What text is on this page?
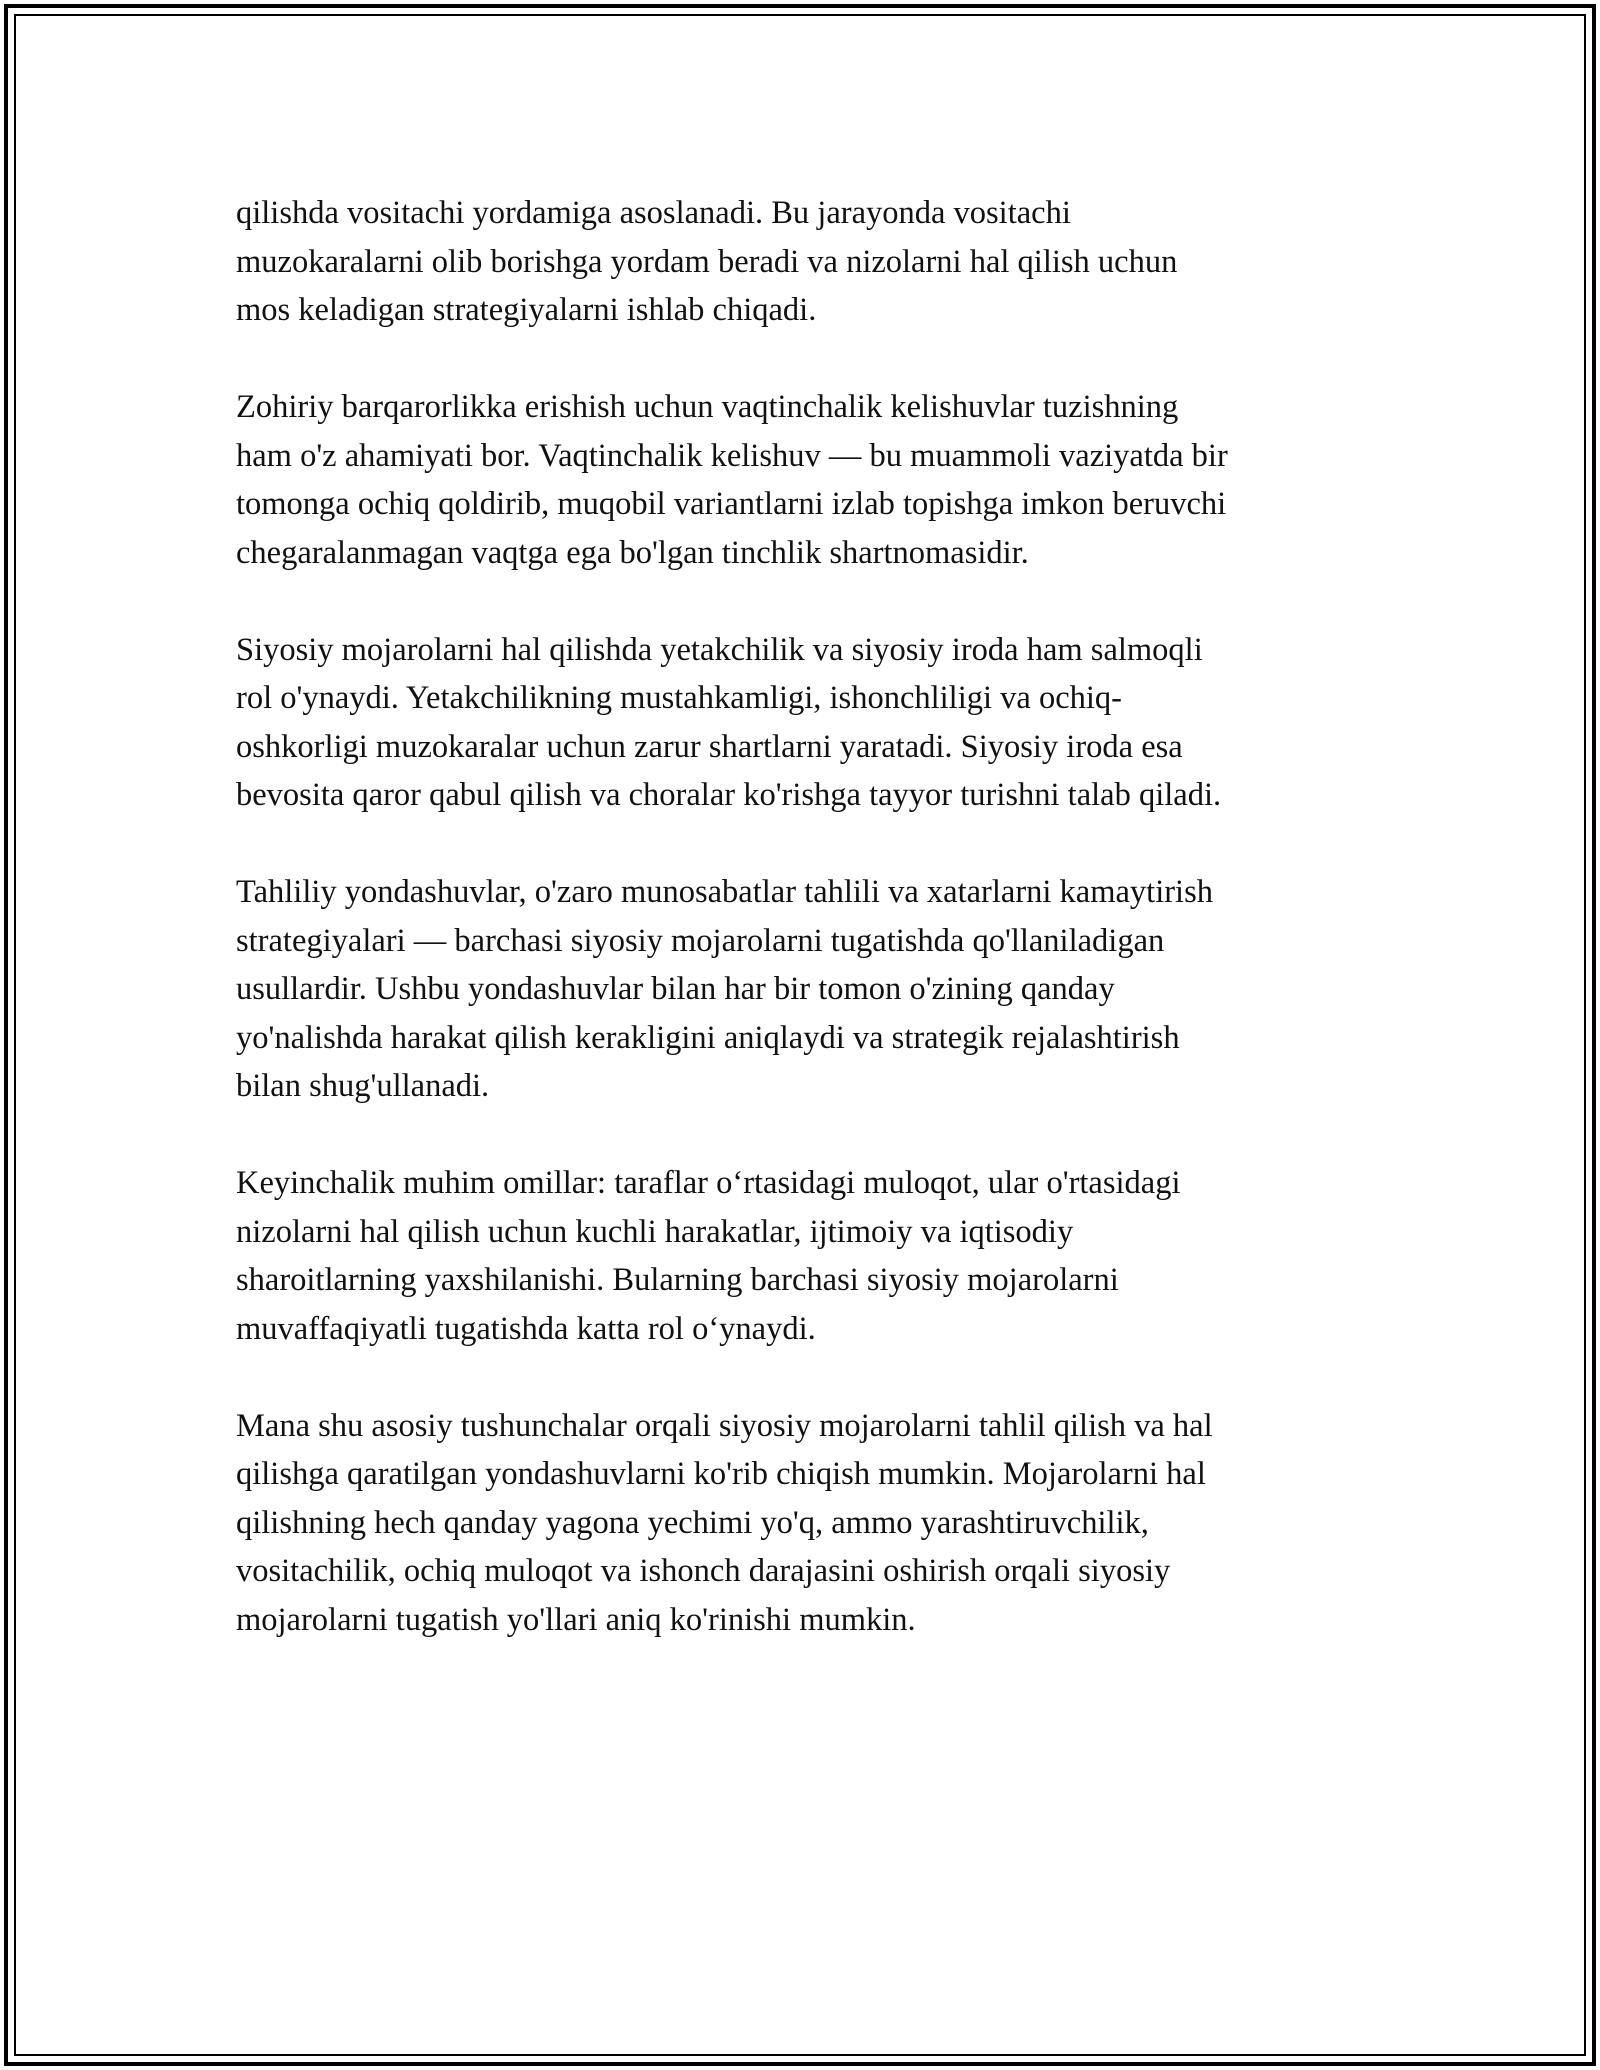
qilishda vositachi yordamiga asoslanadi. Bu jarayonda vositachi
muzokaralarni olib borishga yordam beradi va nizolarni hal qilish uchun
mos keladigan strategiyalarni ishlab chiqadi.

Zohiriy barqarorlikka erishish uchun vaqtinchalik kelishuvlar tuzishning
ham o'z ahamiyati bor. Vaqtinchalik kelishuv — bu muammoli vaziyatda bir
tomonga ochiq qoldirib, muqobil variantlarni izlab topishga imkon beruvchi
chegaralanmagan vaqtga ega bo'lgan tinchlik shartnomasidir.

Siyosiy mojarolarni hal qilishda yetakchilik va siyosiy iroda ham salmoqli
rol o'ynaydi. Yetakchilikning mustahkamligi, ishonchliligi va ochiq-
oshkorligi muzokaralar uchun zarur shartlarni yaratadi. Siyosiy iroda esa
bevosita qaror qabul qilish va choralar ko'rishga tayyor turishni talab qiladi.

Tahliliy yondashuvlar, o'zaro munosabatlar tahlili va xatarlarni kamaytirish
strategiyalari — barchasi siyosiy mojarolarni tugatishda qo'llaniladigan
usullardir. Ushbu yondashuvlar bilan har bir tomon o'zining qanday
yo'nalishda harakat qilish kerakligini aniqlaydi va strategik rejalashtirish
bilan shug'ullanadi.

Keyinchalik muhim omillar: taraflar oʻrtasidagi muloqot, ular o'rtasidagi
nizolarni hal qilish uchun kuchli harakatlar, ijtimoiy va iqtisodiy
sharoitlarning yaxshilanishi. Bularning barchasi siyosiy mojarolarni
muvaffaqiyatli tugatishda katta rol oʻynaydi.

Mana shu asosiy tushunchalar orqali siyosiy mojarolarni tahlil qilish va hal
qilishga qaratilgan yondashuvlarni ko'rib chiqish mumkin. Mojarolarni hal
qilishning hech qanday yagona yechimi yo'q, ammo yarashtiruvchilik,
vositachilik, ochiq muloqot va ishonch darajasini oshirish orqali siyosiy
mojarolarni tugatish yo'llari aniq ko'rinishi mumkin.
